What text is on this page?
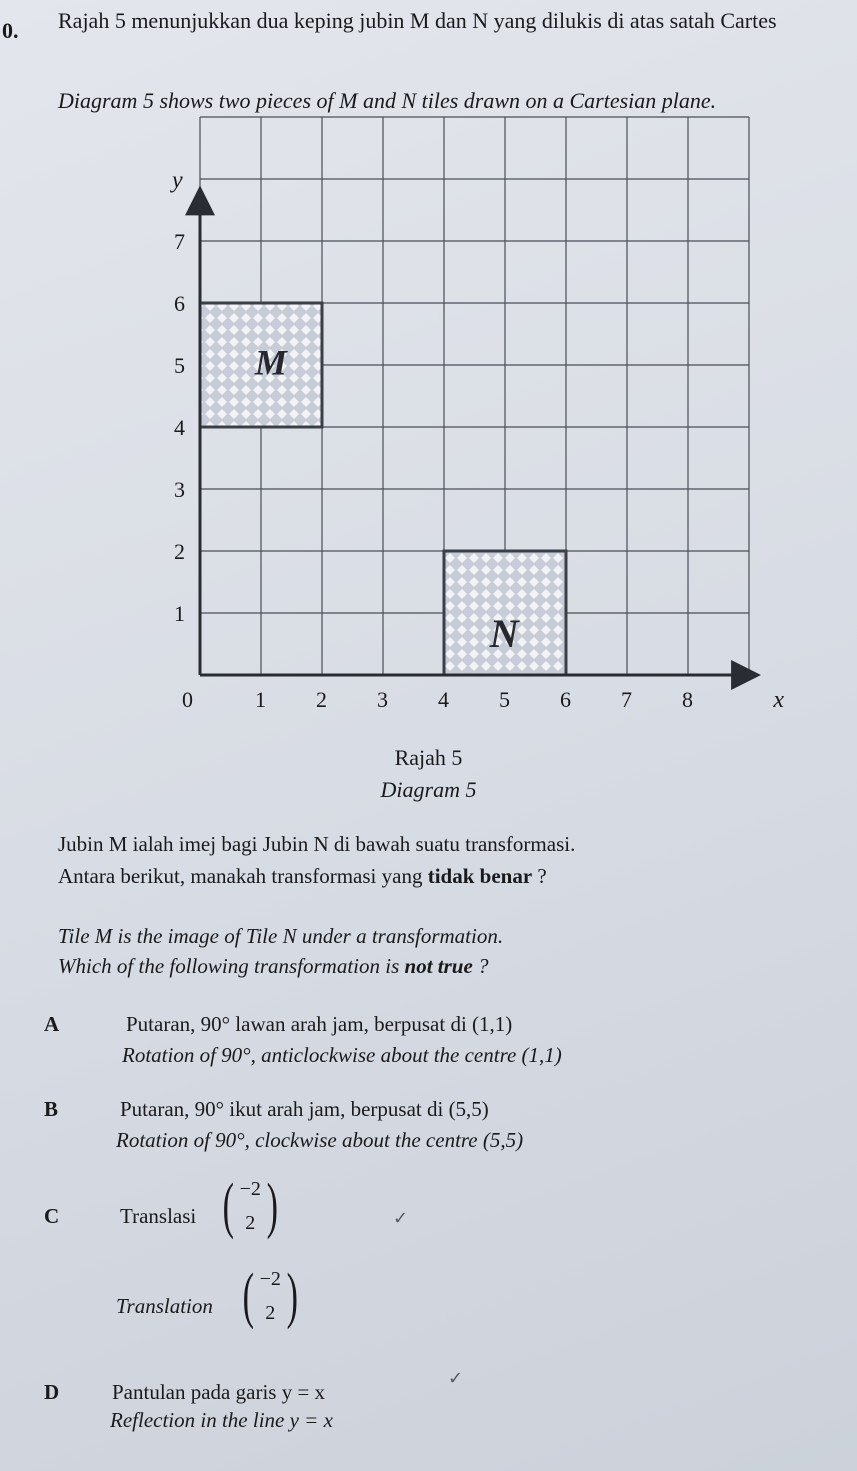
0. Rajah 5 menunjukkan dua keping jubin M dan N yang dilukis di atas satah Cartes
Diagram 5 shows two pieces of M and N tiles drawn on a Cartesian plane.
M
N
0	1 2 3 4 5 6 7 8
1
2
3
4
5
6
7
x
y
Rajah 5
Diagram 5
Jubin M ialah imej bagi Jubin N di bawah suatu transformasi.
Antara berikut, manakah transformasi yang tidak benar ?
Tile M is the image of Tile N under a transformation.
Which of the following transformation is not true ?
A	Putaran, 90° lawan arah jam, berpusat di (1,1)
Rotation of 90°, anticlockwise about the centre (1,1)
B	Putaran, 90° ikut arah jam, berpusat di (5,5)
Rotation of 90°, clockwise about the centre (5,5)
C	Translasi ( −2
2 )	✓
Translation ( −2
2 )
D	Pantulan pada garis y = x
Reflection in the line y = x
✓
